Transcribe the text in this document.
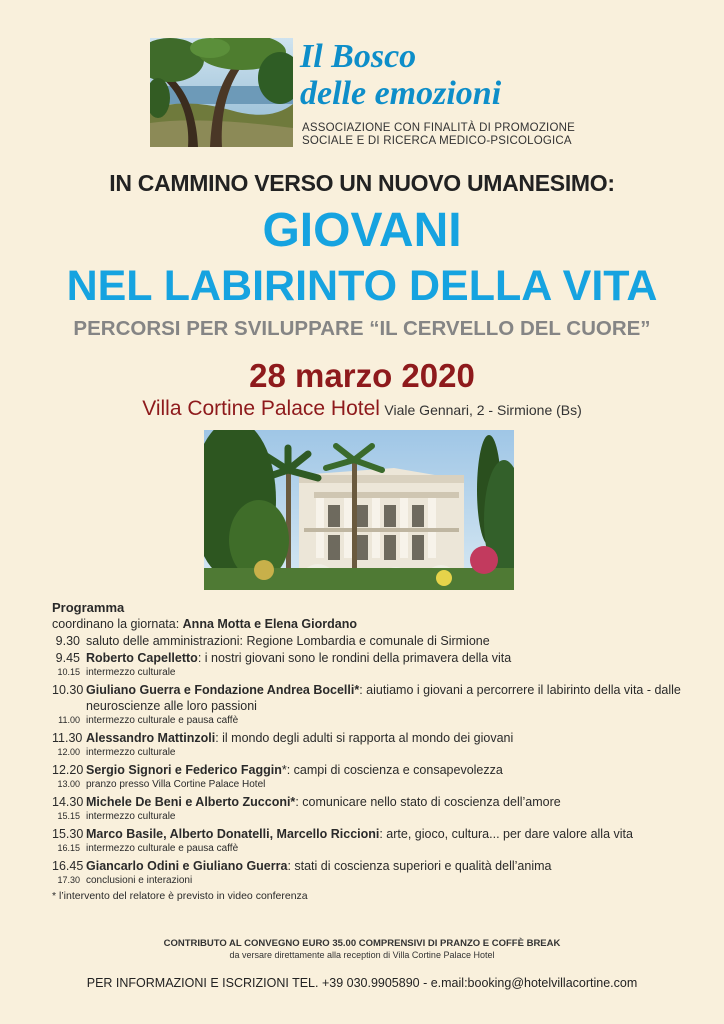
Il Bosco
delle emozioni
ASSOCIAZIONE CON FINALITÀ DI PROMOZIONE
SOCIALE E DI RICERCA MEDICO-PSICOLOGICA
IN CAMMINO VERSO UN NUOVO UMANESIMO:
GIOVANI
NEL LABIRINTO DELLA VITA
PERCORSI PER SVILUPPARE “IL CERVELLO DEL CUORE”
28 marzo 2020
Villa Cortine Palace Hotel Viale Gennari, 2 - Sirmione (Bs)
Programma
coordinano la giornata: Anna Motta e Elena Giordano
9.30 saluto delle amministrazioni: Regione Lombardia e comunale di Sirmione
9.45 Roberto Capelletto: i nostri giovani sono le rondini della primavera della vita
10.15 intermezzo culturale
10.30 Giuliano Guerra e Fondazione Andrea Bocelli*: aiutiamo i giovani a percorrere il labirinto della vita - dalle neuroscienze alle loro passioni
11.00 intermezzo culturale e pausa caffè
11.30 Alessandro Mattinzoli: il mondo degli adulti si rapporta al mondo dei giovani
12.00 intermezzo culturale
12.20 Sergio Signori e Federico Faggin*: campi di coscienza e consapevolezza
13.00 pranzo presso Villa Cortine Palace Hotel
14.30 Michele De Beni e Alberto Zucconi*: comunicare nello stato di coscienza dell’amore
15.15 intermezzo culturale
15.30 Marco Basile, Alberto Donatelli, Marcello Riccioni: arte, gioco, cultura... per dare valore alla vita
16.15 intermezzo culturale e pausa caffè
16.45 Giancarlo Odini e Giuliano Guerra: stati di coscienza superiori e qualità dell’anima
17.30 conclusioni e interazioni
* l’intervento del relatore è previsto in video conferenza
CONTRIBUTO AL CONVEGNO EURO 35.00 COMPRENSIVI DI PRANZO E COFFÈ BREAK
da versare direttamente alla reception di Villa Cortine Palace Hotel
PER INFORMAZIONI E ISCRIZIONI TEL. +39 030.9905890 - e.mail:booking@hotelvillacortine.com
